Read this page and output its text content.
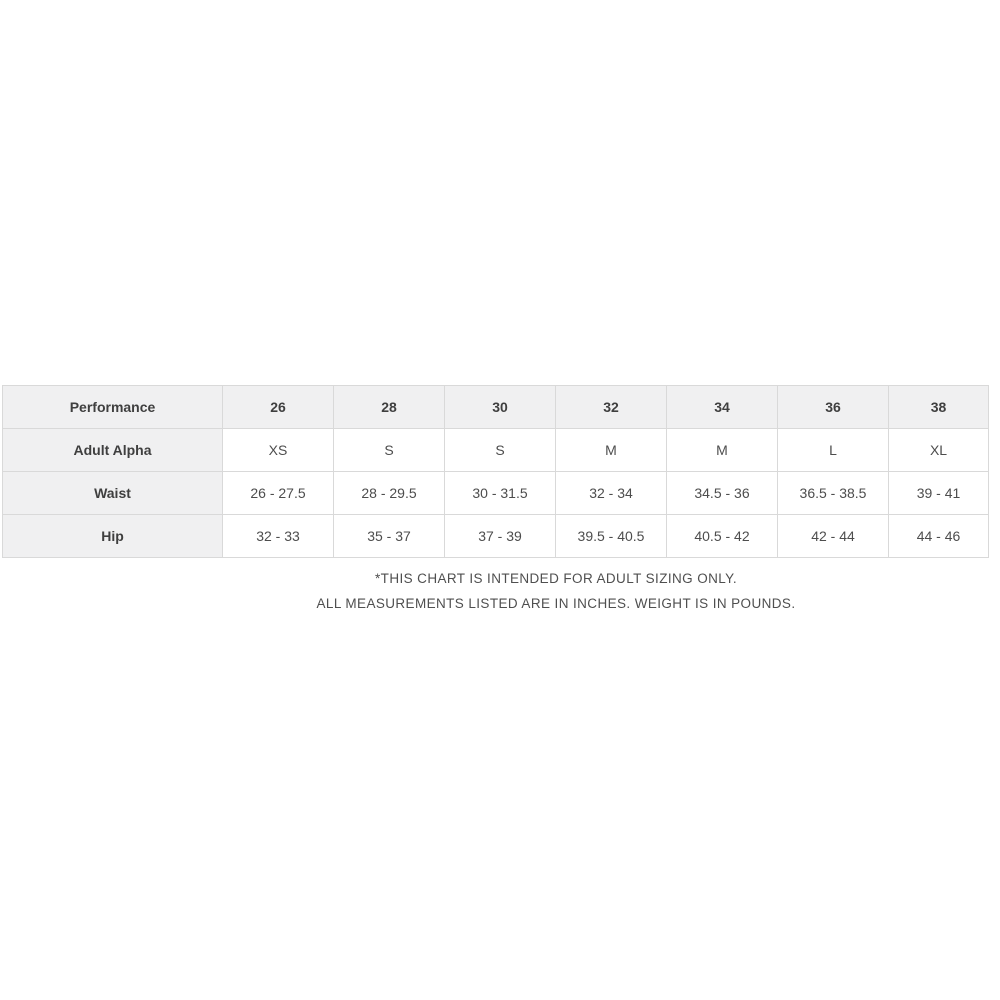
Performance	26	28	30	32	34	36	38
Adult Alpha	XS	S	S	M	M	L	XL
Waist	26 - 27.5	28 - 29.5	30 - 31.5	32 - 34	34.5 - 36	36.5 - 38.5	39 - 41
Hip	32 - 33	35 - 37	37 - 39	39.5 - 40.5	40.5 - 42	42 - 44	44 - 46
*THIS CHART IS INTENDED FOR ADULT SIZING ONLY.
ALL MEASUREMENTS LISTED ARE IN INCHES. WEIGHT IS IN POUNDS.
